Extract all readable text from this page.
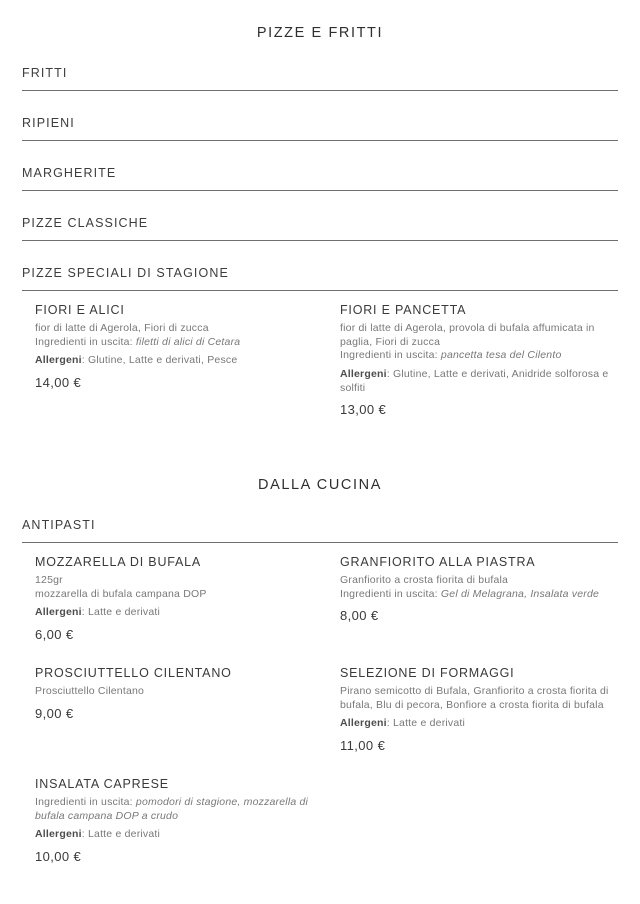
PIZZE E FRITTI
FRITTI
RIPIENI
MARGHERITE
PIZZE CLASSICHE
PIZZE SPECIALI DI STAGIONE
FIORI E ALICI
fior di latte di Agerola, Fiori di zucca
Ingredienti in uscita: filetti di alici di Cetara
Allergeni: Glutine, Latte e derivati, Pesce
14,00 €
FIORI E PANCETTA
fior di latte di Agerola, provola di bufala affumicata in paglia, Fiori di zucca
Ingredienti in uscita: pancetta tesa del Cilento
Allergeni: Glutine, Latte e derivati, Anidride solforosa e solfiti
13,00 €
DALLA CUCINA
ANTIPASTI
MOZZARELLA DI BUFALA
125gr
mozzarella di bufala campana DOP
Allergeni: Latte e derivati
6,00 €
GRANFIORITO ALLA PIASTRA
Granfiorito a crosta fiorita di bufala
Ingredienti in uscita: Gel di Melagrana, Insalata verde
8,00 €
PROSCIUTTELLO CILENTANO
Prosciuttello Cilentano
9,00 €
SELEZIONE DI FORMAGGI
Pirano semicotto di Bufala, Granfiorito a crosta fiorita di bufala, Blu di pecora, Bonfiore a crosta fiorita di bufala
Allergeni: Latte e derivati
11,00 €
INSALATA CAPRESE
Ingredienti in uscita: pomodori di stagione, mozzarella di bufala campana DOP a crudo
Allergeni: Latte e derivati
10,00 €
